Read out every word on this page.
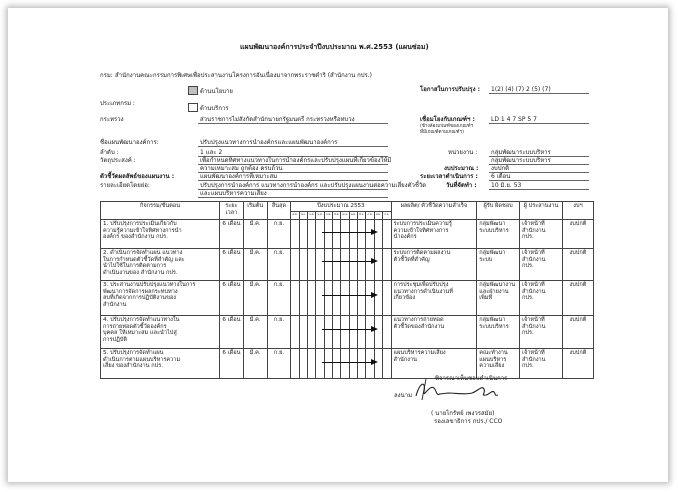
แผนพัฒนาองค์การประจำปีงบประมาณ พ.ศ.2553 (แผนซ่อม)
กรม: สำนักงานคณะกรรมการพิเศษเพื่อประสานงานโครงการอันเนื่องมาจากพระราชดำริ (สำนักงาน กปร.)
โอกาสในการปรับปรุง : 1(2) (4) (7) 2 (5) (7)
ด้านนโยบาย
ประเภทกรม :
ด้านบริการ
กระทรวง	ส่วนราชการไม่สังกัดสำนักนายกรัฐมนตรี กระทรวงหรือทบวง	เชื่อมโยงกับเกณฑ์ฯ :
(ข้างล้องเกณฑ์ของเกณฑ์ฯ
ที่มีเกณฑ์ตามเกณฑ์ฯ)
LD 1 4 7 SP 5 7
ชื่อแผนพัฒนาองค์การ:	ปรับปรุงแนวทางการนำองค์กรและแผนพัฒนาองค์การ
ลำดับ :	1 และ 2	หน่วยงาน : กลุ่มพัฒนาระบบบริหาร
วัตถุประสงค์ :	เพื่อกำหนดทิศทางแนวทางในการนำองค์กรและปรับปรุงแผนที่เกี่ยวข้องให้มี
ความเหมาะสม ถูกต้อง ครบถ้วน
กลุ่มพัฒนาระบบบริหาร
งบประมาณ : งบปกติ
ตัวชี้วัดผลลัพธ์ของแผนงาน :	แผนพัฒนาองค์การที่เหมาะสม	ระยะเวลาดำเนินการ : 6 เดือน
รายละเอียดโดยย่อ:	ปรับปรุงการนำองค์การ แนวทางการนำองค์กร และปรับปรุงแผนงานต่อความเสี่ยงตัวชี้วัด
และแผนบริหารความเสี่ยง
วันที่จัดทำ : 10 มิ.ย. 53
กิจกรรม/ขั้นตอน	ระยะ เวลา	เริ่มต้น	สิ้นสุด	ปีงบประมาณ 2553												ผลผลิต/ ตัวชี้วัดความสำเร็จ	ผู้รับ ผิดชอบ	ผู้ ประสานงาน	งบฯ
				ต.ค.	พ.ย.	ธ.ค.	ม.ค.	ก.พ.	มี.ค.	เม.ย.	พ.ค.	มิ.ย.	ก.ค.	ส.ค.	ก.ย.				
1. ปรับปรุงการประเมินเกี่ยวกับ
ความรู้ความเข้าใจทิศทางการนำ
องค์กร ของสำนักงาน กปร.	6 เดือน	มี.ค.	ก.ย.													ระบบการประเมินความรู้
ความเข้าใจทิศทางการ
นำองค์กร	กลุ่มพัฒนา
ระบบบริหาร	เจ้าหน้าที่
สำนักงาน
กปร.	งบปกติ
2. ดำเนินการจัดทำแผน แนวทาง
ในการกำหนดตัวชี้วัดที่สำคัญ และ
นำไปใช้ในการติดตามการ
ดำเนินงานของ สำนักงาน กปร.	6 เดือน	มี.ค.	ก.ย.													ระบบการติดตามผลงาน
ตัวชี้วัดที่สำคัญ	กลุ่มพัฒนาระบบ	เจ้าหน้าที่
สำนักงาน
กปร.	งบปกติ
3. ประสานงานปรับปรุงแนวทางในการ
พัฒนาการจัดการผลกระทบทาง
ลบที่เกิดจากการปฏิบัติงานของ
สำนักงาน	6 เดือน	มี.ค.	ก.ย.													การประชุมเพื่อปรับปรุง
แนวทางการดำเนินงานที่
เกี่ยวข้อง	กลุ่มพัฒนางาน
และฝ่ายงาน
เพิ่มที่	เจ้าหน้าที่
สำนักงาน
กปร.	งบปกติ
4. ปรับปรุงการจัดทำแนวทางใน
การถ่ายทอดตัวชี้วัดองค์กร
บุคคล ให้เหมาะสม และนำไปสู่
การปฏิบัติ	6 เดือน	มี.ค.	ก.ย.													แนวทางการถ่ายทอด
ตัวชี้วัดของสำนักงาน	กลุ่มพัฒนา
ระบบบริหาร	เจ้าหน้าที่
สำนักงาน
กปร.	งบปกติ
5. ปรับปรุงการจัดทำแผน
ดำเนินการตามแผนบริหารความ
เสี่ยง ของสำนักงาน กปร.	6 เดือน	มี.ค.	ก.ย.													แผนบริหารความเสี่ยง
สำนักงาน	คณะทำงาน
แผนบริหาร
ความเสี่ยง	เจ้าหน้าที่
สำนักงาน
กปร.	งบปกติ
พิจารณาเห็นชอบดำเนินการ
ลงนาม
( นายไกรัทย์ เพงวรสมัย)
รองเลขาธิการ กปร./ CCO
